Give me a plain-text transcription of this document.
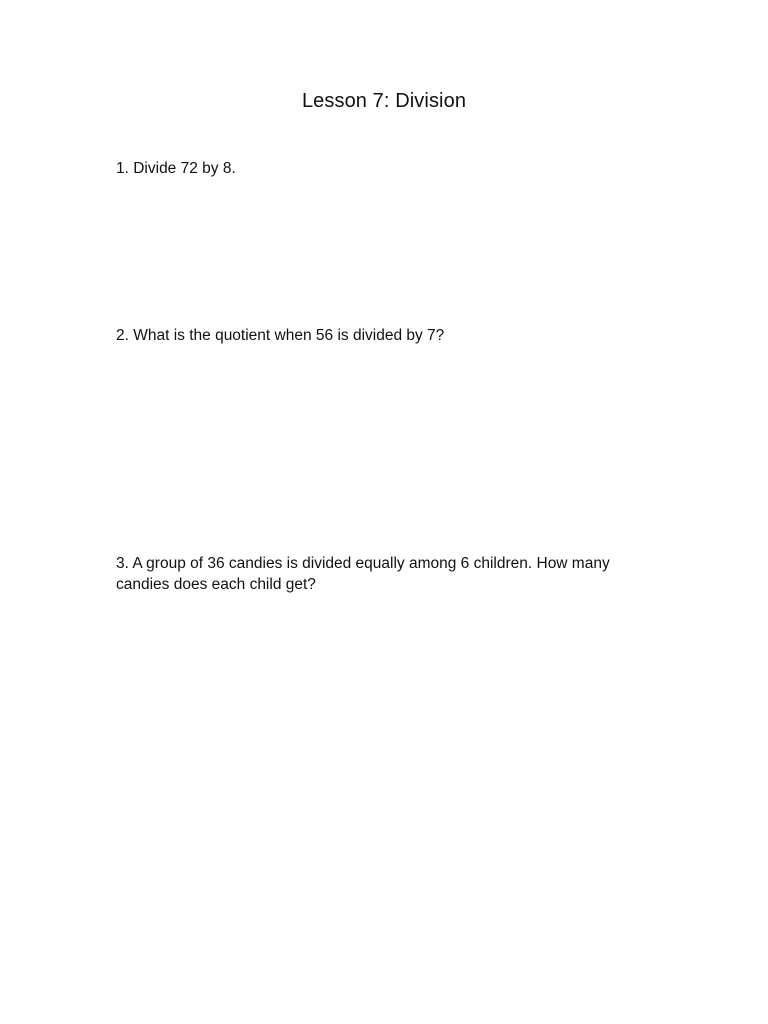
Lesson 7: Division
1. Divide 72 by 8.
2. What is the quotient when 56 is divided by 7?
3. A group of 36 candies is divided equally among 6 children. How many candies does each child get?
